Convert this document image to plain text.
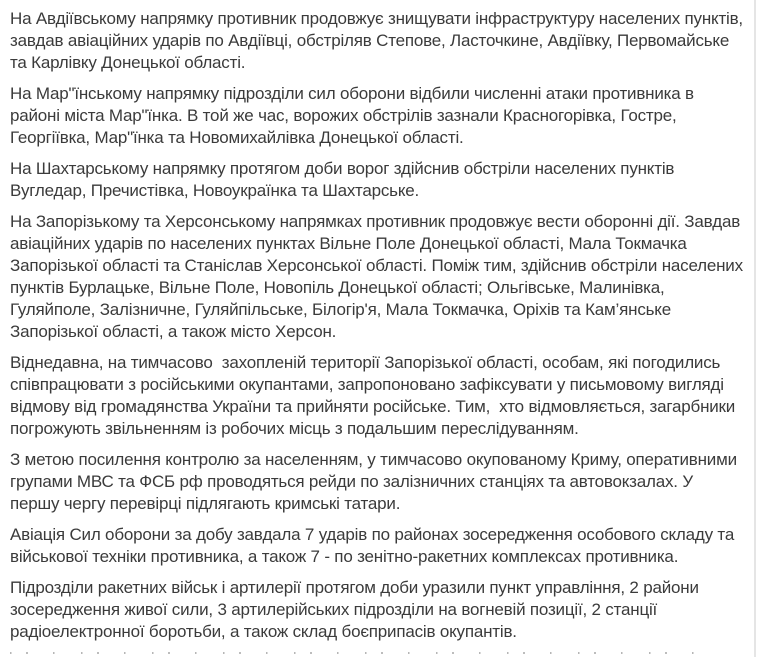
На Авдіївському напрямку противник продовжує знищувати інфраструктуру населених пунктів, завдав авіаційних ударів по Авдіївці, обстріляв Степове, Ласточкине, Авдіївку, Первомайське та Карлівку Донецької області.

На Мар"їнському напрямку підрозділи сил оборони відбили численні атаки противника в районі міста Мар"їнка. В той же час, ворожих обстрілів зазнали Красногорівка, Гостре, Георгіївка, Мар"їнка та Новомихайлівка Донецької області.

На Шахтарському напрямку протягом доби ворог здійснив обстріли населених пунктів Вугледар, Пречистівка, Новоукраїнка та Шахтарське.

На Запорізькому та Херсонському напрямках противник продовжує вести оборонні дії. Завдав авіаційних ударів по населених пунктах Вільне Поле Донецької області, Мала Токмачка Запорізької області та Станіслав Херсонської області. Поміж тим, здійснив обстріли населених пунктів Бурлацьке, Вільне Поле, Новопіль Донецької області; Ольгівське, Малинівка, Гуляйполе, Залізничне, Гуляйпільське, Білогір'я, Мала Токмачка, Оріхів та Кам’янське Запорізької області, а також місто Херсон.

Віднедавна, на тимчасово  захопленій території Запорізької області, особам, які погодились співпрацювати з російськими окупантами, запропоновано зафіксувати у письмовому вигляді відмову від громадянства України та прийняти російське. Тим,  хто відмовляється, загарбники погрожують звільненням із робочих місць з подальшим переслідуванням.

З метою посилення контролю за населенням, у тимчасово окупованому Криму, оперативними групами МВС та ФСБ рф проводяться рейди по залізничних станціях та автовокзалах. У першу чергу перевірці підлягають кримські татари.

Авіація Сил оборони за добу завдала 7 ударів по районах зосередження особового складу та військової техніки противника, а також 7 - по зенітно-ракетних комплексах противника.

Підрозділи ракетних військ і артилерії протягом доби уразили пункт управління, 2 райони зосередження живої сили, 3 артилерійських підрозділи на вогневій позиції, 2 станції радіоелектронної боротьби, а також склад боєприпасів окупантів.
